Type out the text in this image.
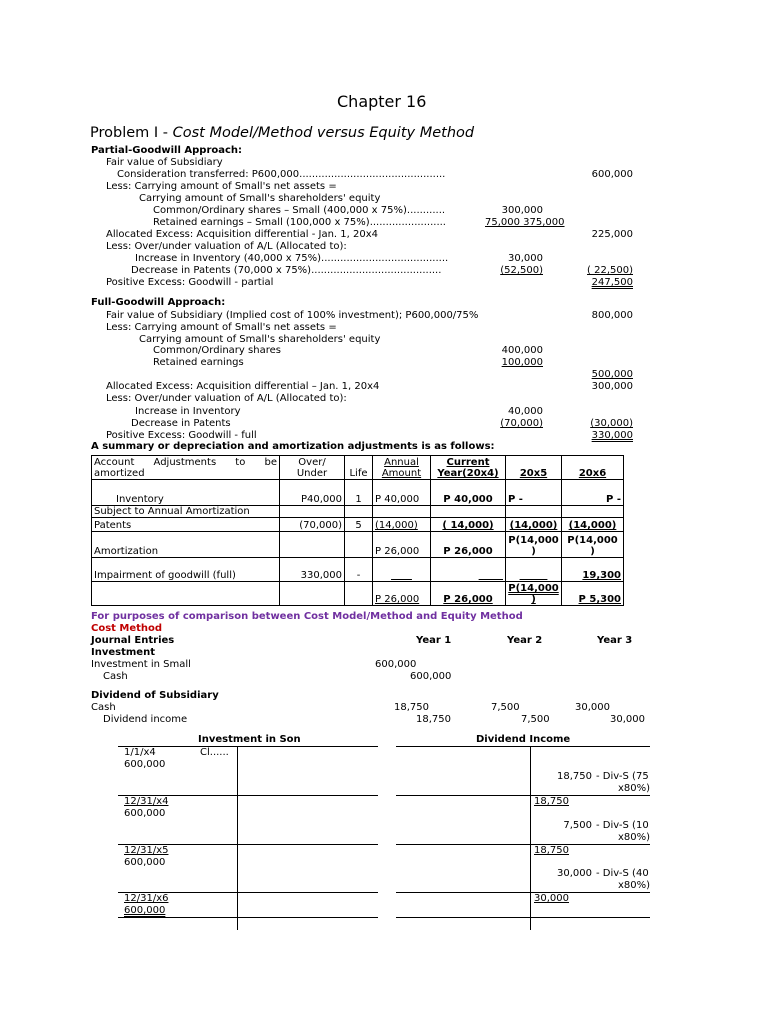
Chapter 16
Problem I - Cost Model/Method versus Equity Method
Partial-Goodwill Approach:
Fair value of Subsidiary
Consideration transferred: P600,000..............................................	600,000
Less: Carrying amount of Small's net assets =
Carrying amount of Small's shareholders' equity
Common/Ordinary shares – Small (400,000 x 75%)............	300,000
Retained earnings – Small (100,000 x 75%)........................	75,000 375,000
Allocated Excess: Acquisition differential - Jan. 1, 20x4	225,000
Less: Over/under valuation of A/L (Allocated to):
Increase in Inventory (40,000 x 75%)........................................	30,000
Decrease in Patents (70,000 x 75%).........................................	(52,500)	( 22,500)
Positive Excess: Goodwill - partial	247,500
Full-Goodwill Approach:
Fair value of Subsidiary (Implied cost of 100% investment); P600,000/75%	800,000
Less: Carrying amount of Small's net assets =
Carrying amount of Small's shareholders' equity
Common/Ordinary shares	400,000
Retained earnings	100,000
500,000
300,000
Allocated Excess: Acquisition differential – Jan. 1, 20x4
Less: Over/under valuation of A/L (Allocated to):
Increase in Inventory	40,000
Decrease in Patents	(70,000)	(30,000)
Positive Excess: Goodwill - full	330,000
A summary or depreciation and amortization adjustments is as follows:
Account Adjustments to be amortized	Over/ Under	Life	Annual Amount	Current Year(20x4)	20x5	20x6
Inventory	P40,000	1	P 40,000	P 40,000	P -	P -
Subject to Annual Amortization						
Patents	(70,000)	5	(14,000)	( 14,000)	(14,000)	(14,000)
Amortization			P 26,000	P 26,000	P(14,000 )	P(14,000 )
Impairment of goodwill (full)	330,000	-				19,300
			P 26,000	P 26,000	P(14,000 )	P 5,300
For purposes of comparison between Cost Model/Method and Equity Method
Cost Method
Journal Entries	Year 1	Year 2	Year 3
Investment
Investment in Small	600,000
Cash	600,000
Dividend of Subsidiary
Cash	18,750	7,500	30,000
Dividend income	18,750	7,500	30,000
Investment in Son	Dividend Income
1/1/x4	Cl......
600,000
18,750 - Div-S (75
x80%)
12/31/x4	18,750
600,000
7,500 - Div-S (10
x80%)
12/31/x5	18,750
600,000
30,000 - Div-S (40
x80%)
12/31/x6	30,000
600,000
